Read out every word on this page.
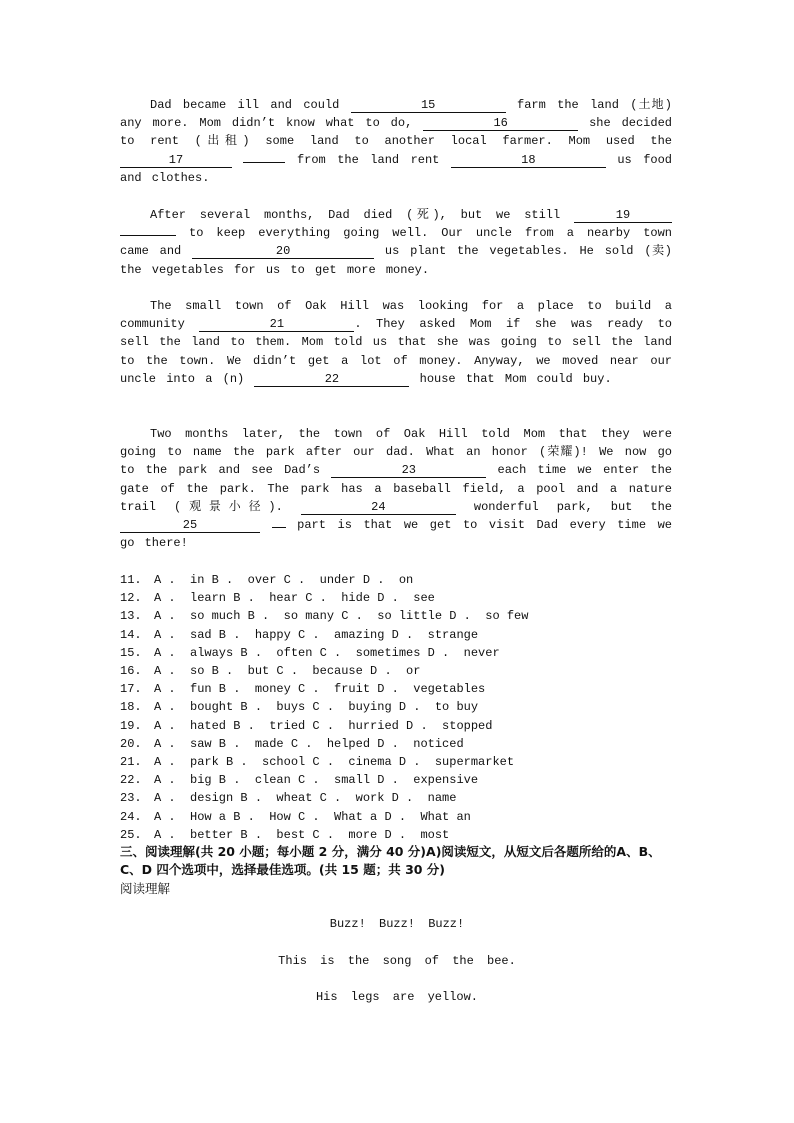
Dad became ill and could	15	farm the land (土地) any more. Mom didn’t know what to do,	16	she decided to rent (出租) some land to another local farmer. Mom used the 17	from the land rent	18	us food and clothes.
After several months, Dad died (死), but we still	19  to keep everything going well. Our uncle from a nearby town came and	20	us plant the vegetables. He sold (卖) the vegetables for us to get more money.
The small town of Oak Hill was looking for a place to build a community	21	. They asked Mom if she was ready to sell the land to them. Mom told us that she was going to sell the land to the town. We didn’t get a lot of money. Anyway, we moved near our uncle into a (n)	22	house that Mom could buy.
Two months later, the town of Oak Hill told Mom that they were going to name the park after our dad. What an honor (荣耀)! We now go to the park and see Dad’s	23	each time we enter the gate of the park. The park has a baseball field, a pool and a nature trail (观景小径).	24	wonderful park, but the 25	part is that we get to visit Dad every time we go there!
11.	A .  in B .  over C .  under D .  on
12.	A .  learn B .  hear C .  hide D .  see
13.	A .  so much B .  so many C .  so little D .  so few
14.	A .  sad B .  happy C .  amazing D .  strange
15.	A .  always B .  often C .  sometimes D .  never
16.	A .  so B .  but C .  because D .  or
17.	A .  fun B .  money C .  fruit D .  vegetables
18.	A .  bought B .  buys C .  buying D .  to buy
19.	A .  hated B .  tried C .  hurried D .  stopped
20.	A .  saw B .  made C .  helped D .  noticed
21.	A .  park B .  school C .  cinema D .  supermarket
22.	A .  big B .  clean C .  small D .  expensive
23.	A .  design B .  wheat C .  work D .  name
24.	A .  How a B .  How C .  What a D .  What an
25.	A .  better B .  best C .  more D .  most
三、阅读理解(共 20 小题；每小题 2 分，满分 40 分)A)阅读短文，从短文后各题所给的A、B、C、D 四个选项中，选择最佳选项。(共 15 题；共 30 分)
阅读理解
Buzz! Buzz! Buzz!
This is the song of the bee.
His legs are yellow.
